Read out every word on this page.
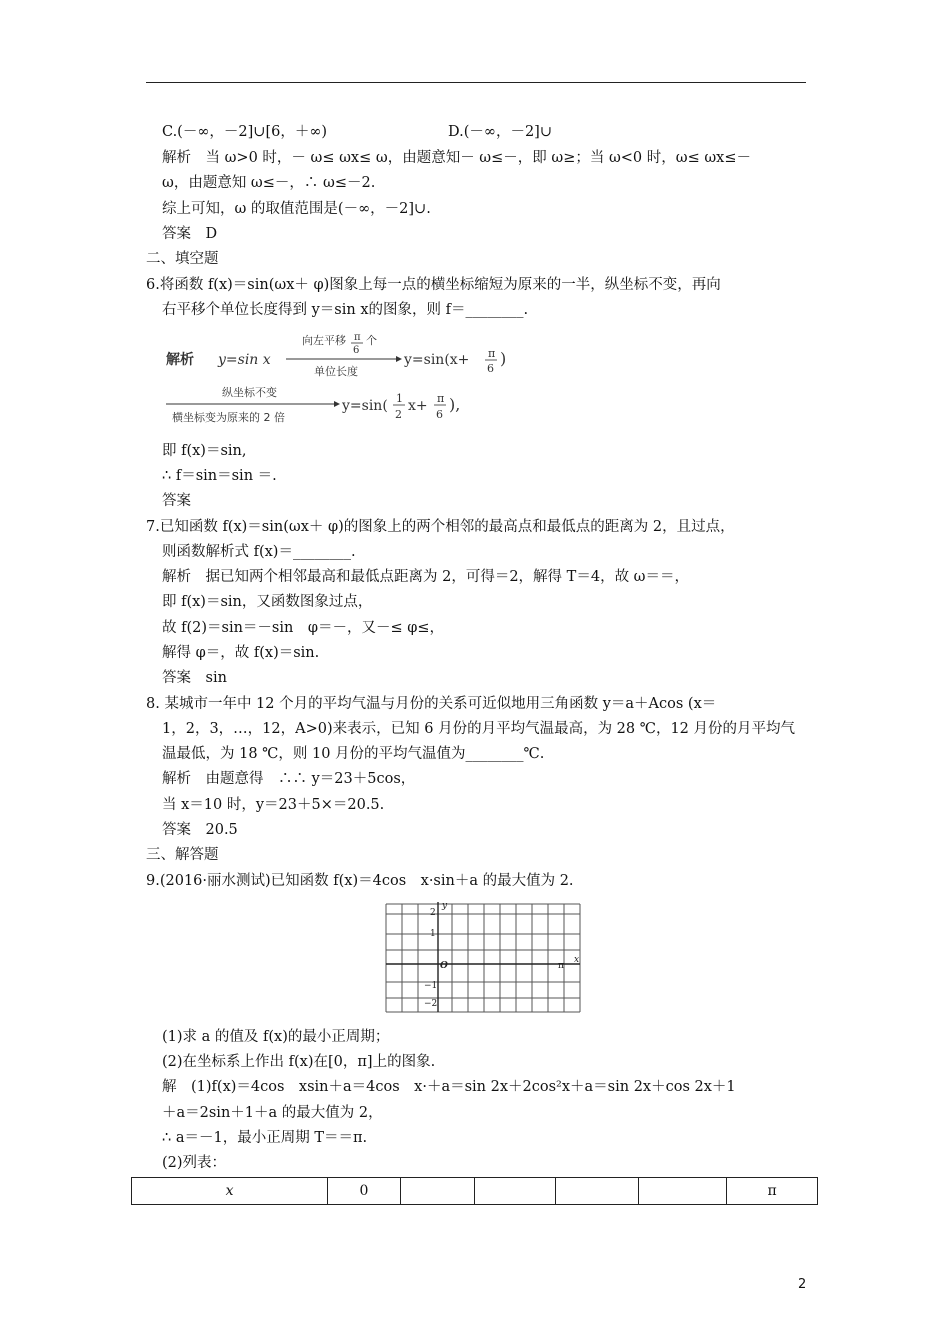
C.(－∞，－2]∪[6，＋∞)	D.(－∞，－2]∪
解析　当 ω>0 时，－ ω≤ ωx≤ ω，由题意知－ ω≤－，即 ω≥；当 ω<0 时，ω≤ ωx≤－
ω，由题意知 ω≤－，∴ ω≤－2.
综上可知，ω 的取值范围是(－∞，－2]∪.
答案　D
二、填空题
6.将函数 f(x)＝sin(ωx＋ φ)图象上每一点的横坐标缩短为原来的一半，纵坐标不变，再向
右平移个单位长度得到 y＝sin x的图象，则 f＝________.
解析 y=sin x
向左平移 π
6
个
单位长度
y=sin(x+ π
6
)
纵坐标不变
横坐标变为原来的 2 倍
y=sin( 1
2
x+ π
6
),
即 f(x)＝sin,
∴ f＝sin＝sin ＝.
答案
7.已知函数 f(x)＝sin(ωx＋ φ)的图象上的两个相邻的最高点和最低点的距离为 2，且过点，
则函数解析式 f(x)＝________.
解析　据已知两个相邻最高和最低点距离为 2，可得＝2，解得 T＝4，故 ω＝＝，
即 f(x)＝sin，又函数图象过点，
故 f(2)＝sin＝－sin　φ＝－，又－≤ φ≤，
解得 φ＝，故 f(x)＝sin.
答案　sin
8. 某城市一年中 12 个月的平均气温与月份的关系可近似地用三角函数 y＝a＋Acos (x＝
1，2，3，…，12，A>0)来表示，已知 6 月份的月平均气温最高，为 28 ℃，12 月份的月平均气
温最低，为 18 ℃，则 10 月份的平均气温值为________℃.
解析　由题意得　∴∴ y＝23＋5cos，
当 x＝10 时，y＝23＋5×＝20.5.
答案　20.5
三、解答题
9.(2016·丽水测试)已知函数 f(x)＝4cos　x·sin＋a 的最大值为 2.
y
x
2
1
O	π
−1
−2
(1)求 a 的值及 f(x)的最小正周期；
(2)在坐标系上作出 f(x)在[0，π]上的图象.
解　(1)f(x)＝4cos　xsin＋a＝4cos　x·＋a＝sin 2x＋2cos²x＋a＝sin 2x＋cos 2x＋1
＋a＝2sin＋1＋a 的最大值为 2，
∴ a＝－1，最小正周期 T＝＝π.
(2)列表：
x	0					π
2
